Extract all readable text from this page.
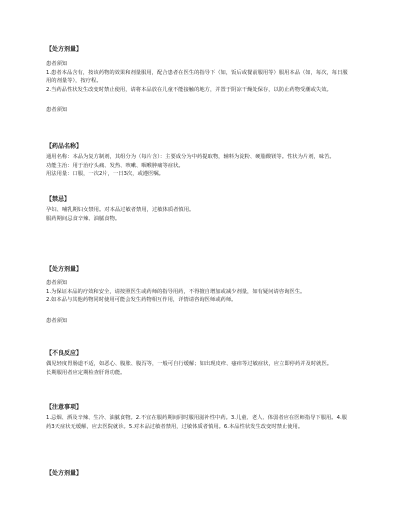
【处方剂量】

患者须知

1.患者本品含有，按该药物的效果和剂量服用，配合患者在医生的指导下（如，饭后或餐前服用等）服用本品（如，每次，每日服用的剂量等），按疗程。

2.当药品性状发生改变时禁止使用，请将本品放在儿童不能接触的地方，并置于阴凉干燥处保存，以防止药物受潮或失效。

患者须知

【药品名称】

通用名称：本品为复方制剂，其组分为（每片含）：主要成分为中药提取物，辅料为淀粉、硬脂酸镁等。性状为片剂，味苦。

功能主治：用于治疗头痛、发热、咳嗽、咽喉肿痛等症状。

用法用量：口服，一次2片，一日3次，或遵医嘱。

【禁忌】

孕妇、哺乳期妇女禁用。对本品过敏者禁用，过敏体质者慎用。

服药期间忌食辛辣、油腻食物。

【处方剂量】

患者须知

1.为保证本品的疗效和安全，请按照医生或药师的指导用药，不得擅自增加或减少剂量，如有疑问请咨询医生。

2.如本品与其他药物同时使用可能会发生药物相互作用，详情请咨询医师或药师。

患者须知

【不良反应】

偶见轻度胃肠道不适，如恶心、腹胀、腹泻等，一般可自行缓解；如出现皮疹、瘙痒等过敏症状，应立即停药并及时就医。

长期服用者应定期检查肝肾功能。

【注意事项】

1.忌烟、酒及辛辣、生冷、油腻食物。2.不宜在服药期间同时服用滋补性中药。3.儿童、老人、体弱者应在医师指导下服用。4.服药3天症状无缓解，应去医院就诊。5.对本品过敏者禁用，过敏体质者慎用。6.本品性状发生改变时禁止使用。

【处方剂量】
